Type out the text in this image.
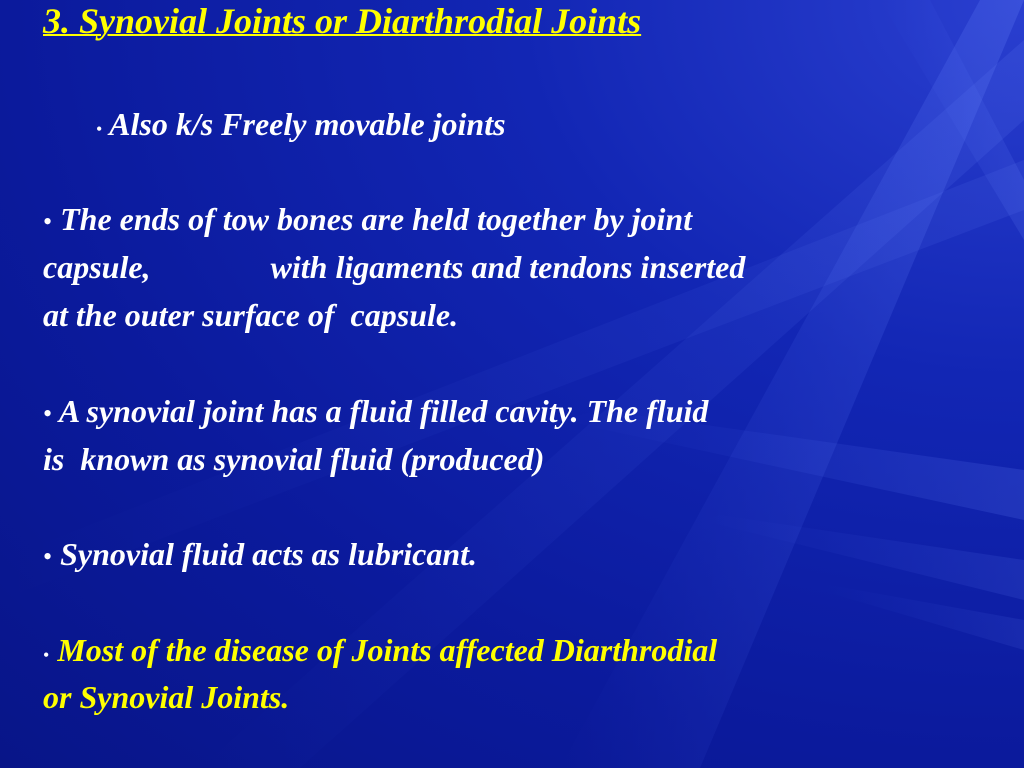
3. Synovial Joints or Diarthrodial Joints
• Also k/s Freely movable joints
• The ends of tow bones are held together by joint
capsule,	with ligaments and tendons inserted
at the outer surface of  capsule.
• A synovial joint has a fluid filled cavity. The fluid
is  known as synovial fluid (produced)
• Synovial fluid acts as lubricant.
• Most of the disease of Joints affected Diarthrodial
or Synovial Joints.
